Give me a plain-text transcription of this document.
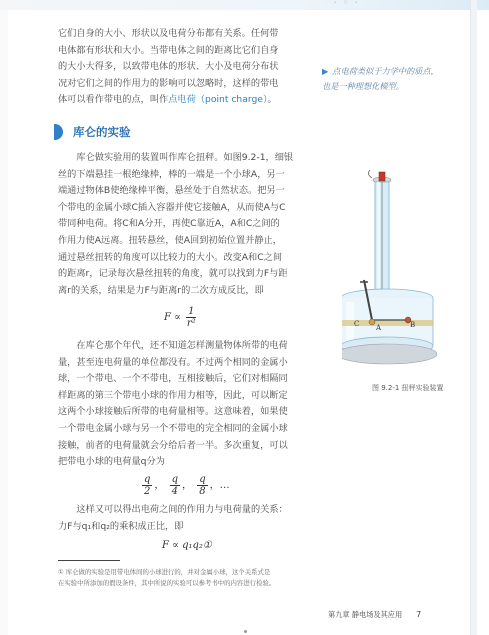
· ◦ ·

它们自身的大小、形状以及电荷分布都有关系。任何带

电体都有形状和大小。当带电体之间的距离比它们自身

的大小大得多，以致带电体的形状、大小及电荷分布状

况对它们之间的作用力的影响可以忽略时，这样的带电

体可以看作带电的点，叫作点电荷（point charge）。

▶ 点电荷类似于力学中的质点，也是一种理想化模型。
库仑的实验

库仑做实验用的装置叫作库仑扭秤。如图9.2-1，细银

丝的下端悬挂一根绝缘棒，棒的一端是一个小球A，另一

端通过物体B使绝缘棒平衡，悬丝处于自然状态。把另一

个带电的金属小球C插入容器并使它接触A，从而使A与C

带同种电荷。将C和A分开，再使C靠近A，A和C之间的

作用力使A远离。扭转悬丝，使A回到初始位置并静止，

通过悬丝扭转的角度可以比较力的大小。改变A和C之间

的距离r，记录每次悬丝扭转的角度，就可以找到力F与距

离r的关系，结果是力F与距离r的二次方成反比，即

$F \propto \frac{1}{\text{r²}}$

在库仑那个年代，还不知道怎样测量物体所带的电荷

量，甚至连电荷量的单位都没有。不过两个相同的金属小

球，一个带电、一个不带电，互相接触后，它们对相隔同

样距离的第三个带电小球的作用力相等，因此，可以断定

这两个小球接触后所带的电荷量相等。这意味着，如果使

一个带电金属小球与另一个不带电的完全相同的金属小球

接触，前者的电荷量就会分给后者一半。多次重复，可以

把带电小球的电荷量q分为

$\frac{q}{2}$ ， $\frac{q}{4}$ ， $\frac{q}{8}$ ，…

这样又可以得出电荷之间的作用力与电荷量的关系：

力F与q₁和q₂的乘积成正比，即

F ∝ q₁q₂①
① 库仑做的实验是用带电体间的小球进行的，并对金属小球，这个关系式是
在实验中所添加的假设条件，其中所说的实验可以参考书中的内容进行检验。
C A	B
图 9.2-1 扭秤实验装置
第九章 静电场及其应用 7
